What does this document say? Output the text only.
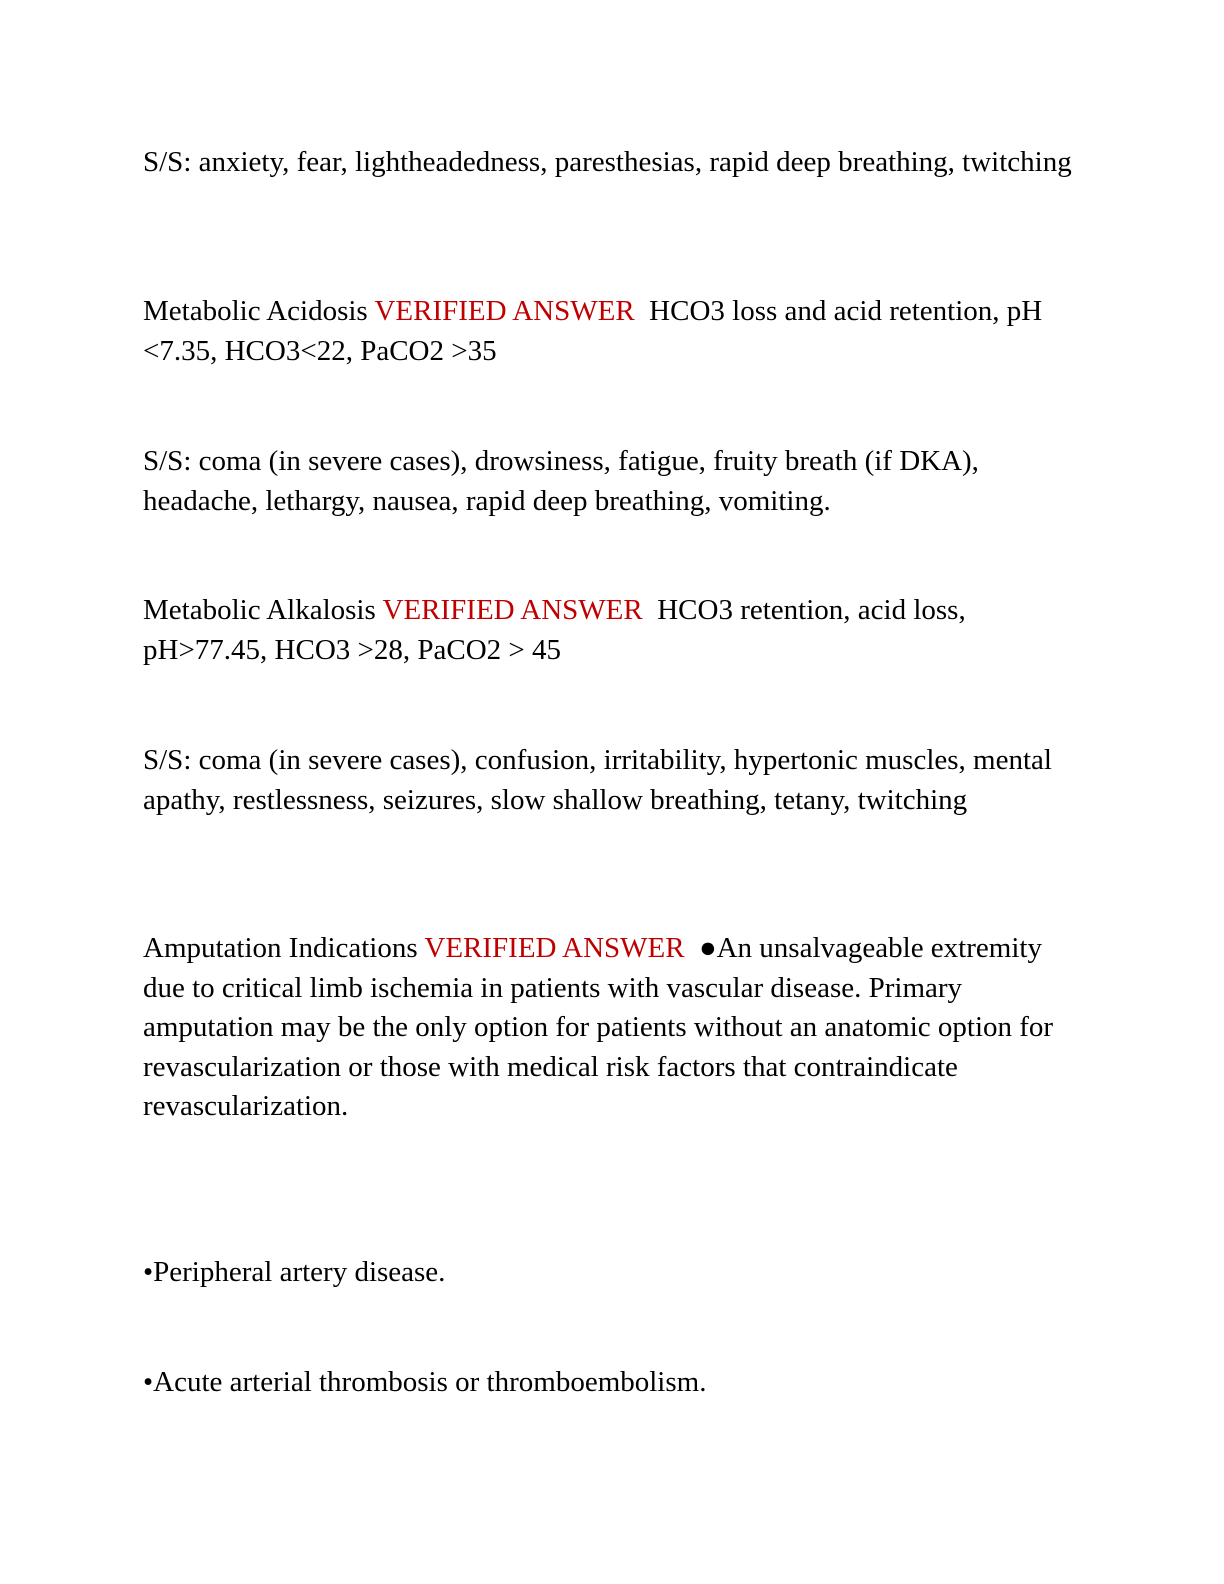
S/S: anxiety, fear, lightheadedness, paresthesias, rapid deep breathing, twitching

Metabolic Acidosis VERIFIED ANSWER HCO3 loss and acid retention, pH <7.35, HCO3<22, PaCO2 >35

S/S: coma (in severe cases), drowsiness, fatigue, fruity breath (if DKA), headache, lethargy, nausea, rapid deep breathing, vomiting.

Metabolic Alkalosis VERIFIED ANSWER HCO3 retention, acid loss, pH>77.45, HCO3 >28, PaCO2 > 45

S/S: coma (in severe cases), confusion, irritability, hypertonic muscles, mental apathy, restlessness, seizures, slow shallow breathing, tetany, twitching

Amputation Indications VERIFIED ANSWER ●An unsalvageable extremity due to critical limb ischemia in patients with vascular disease. Primary amputation may be the only option for patients without an anatomic option for revascularization or those with medical risk factors that contraindicate revascularization.

•Peripheral artery disease.

•Acute arterial thrombosis or thromboembolism.
